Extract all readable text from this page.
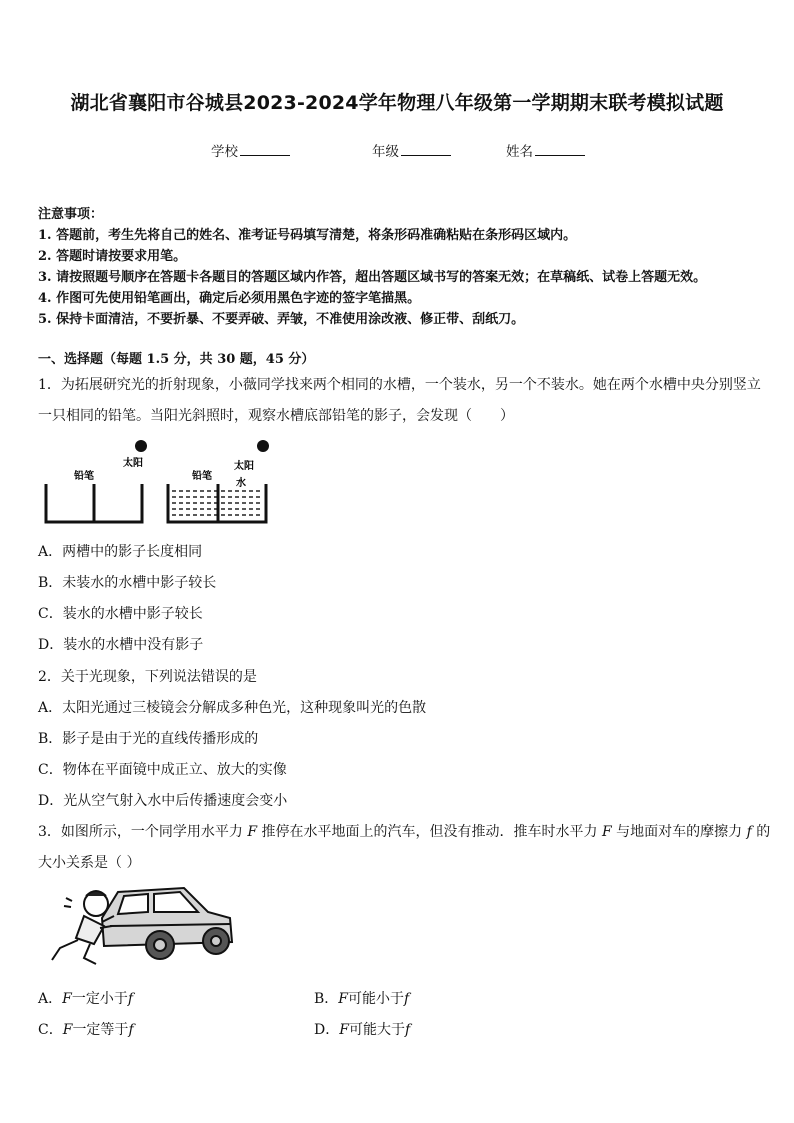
湖北省襄阳市谷城县2023-2024学年物理八年级第一学期期末联考模拟试题
学校	年级	姓名
注意事项：
1. 答题前，考生先将自己的姓名、准考证号码填写清楚，将条形码准确粘贴在条形码区域内。
2. 答题时请按要求用笔。
3. 请按照题号顺序在答题卡各题目的答题区域内作答，超出答题区域书写的答案无效；在草稿纸、试卷上答题无效。
4. 作图可先使用铅笔画出，确定后必须用黑色字迹的签字笔描黑。
5. 保持卡面清洁，不要折暴、不要弄破、弄皱，不准使用涂改液、修正带、刮纸刀。
一、选择题（每题 1.5 分，共 30 题，45 分）
1．为拓展研究光的折射现象，小薇同学找来两个相同的水槽，一个装水，另一个不装水。她在两个水槽中央分别竖立
一只相同的铅笔。当阳光斜照时，观察水槽底部铅笔的影子，会发现（　　）
铅笔
太阳
铅笔
太阳
水
A．两槽中的影子长度相同
B．未装水的水槽中影子较长
C．装水的水槽中影子较长
D．装水的水槽中没有影子
2．关于光现象，下列说法错误的是
A．太阳光通过三棱镜会分解成多种色光，这种现象叫光的色散
B．影子是由于光的直线传播形成的
C．物体在平面镜中成正立、放大的实像
D．光从空气射入水中后传播速度会变小
3．如图所示，一个同学用水平力 F 推停在水平地面上的汽车，但没有推动．推车时水平力 F 与地面对车的摩擦力 f 的
大小关系是（ ）
A．F一定小于f	B．F可能小于f
C．F一定等于f	D．F可能大于f
